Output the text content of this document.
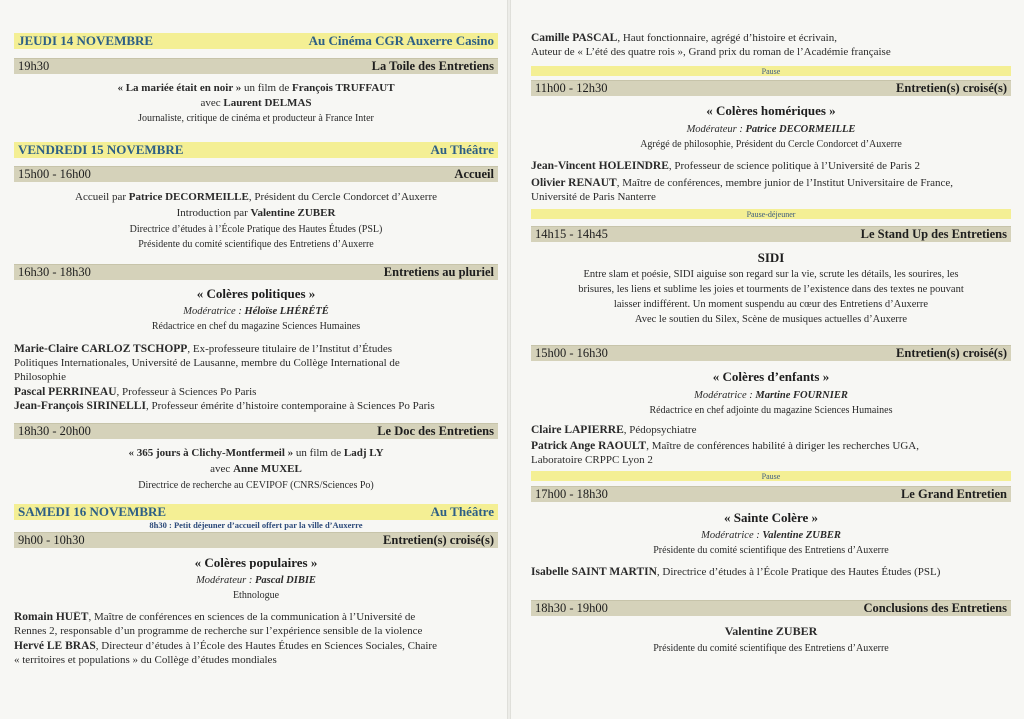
JEUDI 14 NOVEMBRE	Au Cinéma CGR Auxerre Casino
19h30	La Toile des Entretiens
« La mariée était en noir » un film de François TRUFFAUT
avec Laurent DELMAS
Journaliste, critique de cinéma et producteur à France Inter
VENDREDI 15 NOVEMBRE	Au Théâtre
15h00 - 16h00	Accueil
Accueil par Patrice DECORMEILLE, Président du Cercle Condorcet d’Auxerre
Introduction par Valentine ZUBER
Directrice d’études à l’École Pratique des Hautes Études (PSL)
Présidente du comité scientifique des Entretiens d’Auxerre
16h30 - 18h30	Entretiens au pluriel
« Colères politiques »
Modératrice : Héloïse LHÉRÉTÉ
Rédactrice en chef du magazine Sciences Humaines
Marie-Claire CARLOZ TSCHOPP, Ex-professeure titulaire de l’Institut d’Études
Politiques Internationales, Université de Lausanne, membre du Collège International de
Philosophie
Pascal PERRINEAU, Professeur à Sciences Po Paris
Jean-François SIRINELLI, Professeur émérite d’histoire contemporaine à Sciences Po Paris
18h30 - 20h00	Le Doc des Entretiens
« 365 jours à Clichy-Montfermeil » un film de Ladj LY
avec Anne MUXEL
Directrice de recherche au CEVIPOF (CNRS/Sciences Po)
SAMEDI 16 NOVEMBRE	Au Théâtre
8h30 : Petit déjeuner d’accueil offert par la ville d’Auxerre
9h00 - 10h30	Entretien(s) croisé(s)
« Colères populaires »
Modérateur : Pascal DIBIE
Ethnologue
Romain HUËT, Maître de conférences en sciences de la communication à l’Université de
Rennes 2, responsable d’un programme de recherche sur l’expérience sensible de la violence
Hervé LE BRAS, Directeur d’études à l’École des Hautes Études en Sciences Sociales, Chaire
« territoires et populations » du Collège d’études mondiales
Camille PASCAL, Haut fonctionnaire, agrégé d’histoire et écrivain,
Auteur de « L’été des quatre rois », Grand prix du roman de l’Académie française
Pause
11h00 - 12h30	Entretien(s) croisé(s)
« Colères homériques »
Modérateur : Patrice DECORMEILLE
Agrégé de philosophie, Président du Cercle Condorcet d’Auxerre
Jean-Vincent HOLEINDRE, Professeur de science politique à l’Université de Paris 2
Olivier RENAUT, Maître de conférences, membre junior de l’Institut Universitaire de France,
Université de Paris Nanterre
Pause-déjeuner
14h15 - 14h45	Le Stand Up des Entretiens
SIDI
Entre slam et poésie, SIDI aiguise son regard sur la vie, scrute les détails, les sourires, les
brisures, les liens et sublime les joies et tourments de l’existence dans des textes ne pouvant
laisser indifférent. Un moment suspendu au cœur des Entretiens d’Auxerre
Avec le soutien du Silex, Scène de musiques actuelles d’Auxerre
15h00 - 16h30	Entretien(s) croisé(s)
« Colères d’enfants »
Modératrice : Martine FOURNIER
Rédactrice en chef adjointe du magazine Sciences Humaines
Claire LAPIERRE, Pédopsychiatre
Patrick Ange RAOULT, Maître de conférences habilité à diriger les recherches UGA,
Laboratoire CRPPC Lyon 2
Pause
17h00 - 18h30	Le Grand Entretien
« Sainte Colère »
Modératrice : Valentine ZUBER
Présidente du comité scientifique des Entretiens d’Auxerre
Isabelle SAINT MARTIN, Directrice d’études à l’École Pratique des Hautes Études (PSL)
18h30 - 19h00	Conclusions des Entretiens
Valentine ZUBER
Présidente du comité scientifique des Entretiens d’Auxerre
